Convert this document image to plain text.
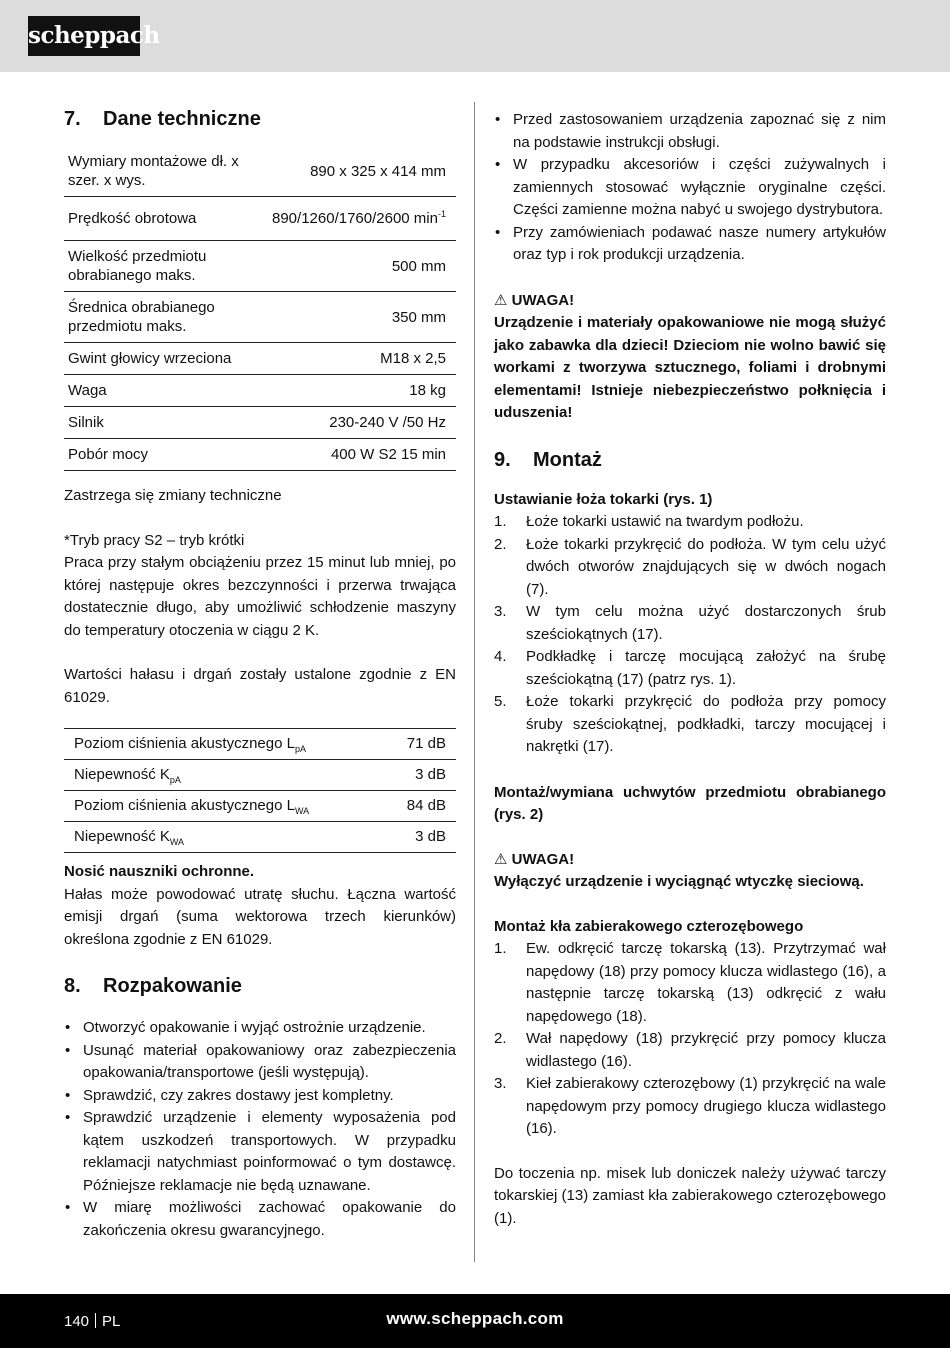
scheppach
7. Dane techniczne
Wymiary montażowe dł. x szer. x wys.	890 x 325 x 414 mm
Prędkość obrotowa	890/1260/1760/2600 $\min^{-1}$
Wielkość przedmiotu obrabianego maks.	500 mm
Średnica obrabianego przedmiotu maks.	350 mm
Gwint głowicy wrzeciona	M18 x 2,5
Waga	18 kg
Silnik	230-240 V /50 Hz
Pobór mocy	400 W S2 15 min

Zastrzega się zmiany techniczne

*Tryb pracy S2 – tryb krótki

Praca przy stałym obciążeniu przez 15 minut lub mniej, po której następuje okres bezczynności i przerwa trwająca dostatecznie długo, aby umożliwić schłodzenie maszyny do temperatury otoczenia w ciągu 2 K.

Wartości hałasu i drgań zostały ustalone zgodnie z EN 61029.

Poziom ciśnienia akustycznego $L_{pA}$	71 dB
Niepewność $K_{pA}$	3 dB
Poziom ciśnienia akustycznego $L_{WA}$	84 dB
Niepewność $K_{WA}$	3 dB

Nosić nauszniki ochronne.

Hałas może powodować utratę słuchu. Łączna wartość emisji drgań (suma wektorowa trzech kierunków) określona zgodnie z EN 61029.

8. Rozpakowanie
• Otworzyć opakowanie i wyjąć ostrożnie urządzenie.
• Usunąć materiał opakowaniowy oraz zabezpieczenia opakowania/transportowe (jeśli występują).
• Sprawdzić, czy zakres dostawy jest kompletny.
• Sprawdzić urządzenie i elementy wyposażenia pod kątem uszkodzeń transportowych. W przypadku reklamacji natychmiast poinformować o tym dostawcę. Późniejsze reklamacje nie będą uznawane.
• W miarę możliwości zachować opakowanie do zakończenia okresu gwarancyjnego.
• Przed zastosowaniem urządzenia zapoznać się z nim na podstawie instrukcji obsługi.
• W przypadku akcesoriów i części zużywalnych i zamiennych stosować wyłącznie oryginalne części. Części zamienne można nabyć u swojego dystrybutora.
• Przy zamówieniach podawać nasze numery artykułów oraz typ i rok produkcji urządzenia.

⚠ UWAGA!

Urządzenie i materiały opakowaniowe nie mogą służyć jako zabawka dla dzieci! Dzieciom nie wolno bawić się workami z tworzywa sztucznego, foliami i drobnymi elementami! Istnieje niebezpieczeństwo połknięcia i uduszenia!

9. Montaż

Ustawianie łoża tokarki (rys. 1)

1. Łoże tokarki ustawić na twardym podłożu.
2. Łoże tokarki przykręcić do podłoża. W tym celu użyć dwóch otworów znajdujących się w dwóch nogach (7).
3. W tym celu można użyć dostarczonych śrub sześciokątnych (17).
4. Podkładkę i tarczę mocującą założyć na śrubę sześciokątną (17) (patrz rys. 1).
5. Łoże tokarki przykręcić do podłoża przy pomocy śruby sześciokątnej, podkładki, tarczy mocującej i nakrętki (17).

Montaż/wymiana uchwytów przedmiotu obrabianego (rys. 2)

⚠ UWAGA!

Wyłączyć urządzenie i wyciągnąć wtyczkę sieciową.

Montaż kła zabierakowego czterozębowego

1. Ew. odkręcić tarczę tokarską (13). Przytrzymać wał napędowy (18) przy pomocy klucza widlastego (16), a następnie tarczę tokarską (13) odkręcić z wału napędowego (18).
2. Wał napędowy (18) przykręcić przy pomocy klucza widlastego (16).
3. Kieł zabierakowy czterozębowy (1) przykręcić na wale napędowym przy pomocy drugiego klucza widlastego (16).

Do toczenia np. misek lub doniczek należy używać tarczy tokarskiej (13) zamiast kła zabierakowego czterozębowego (1).

140 PL	www.scheppach.com
